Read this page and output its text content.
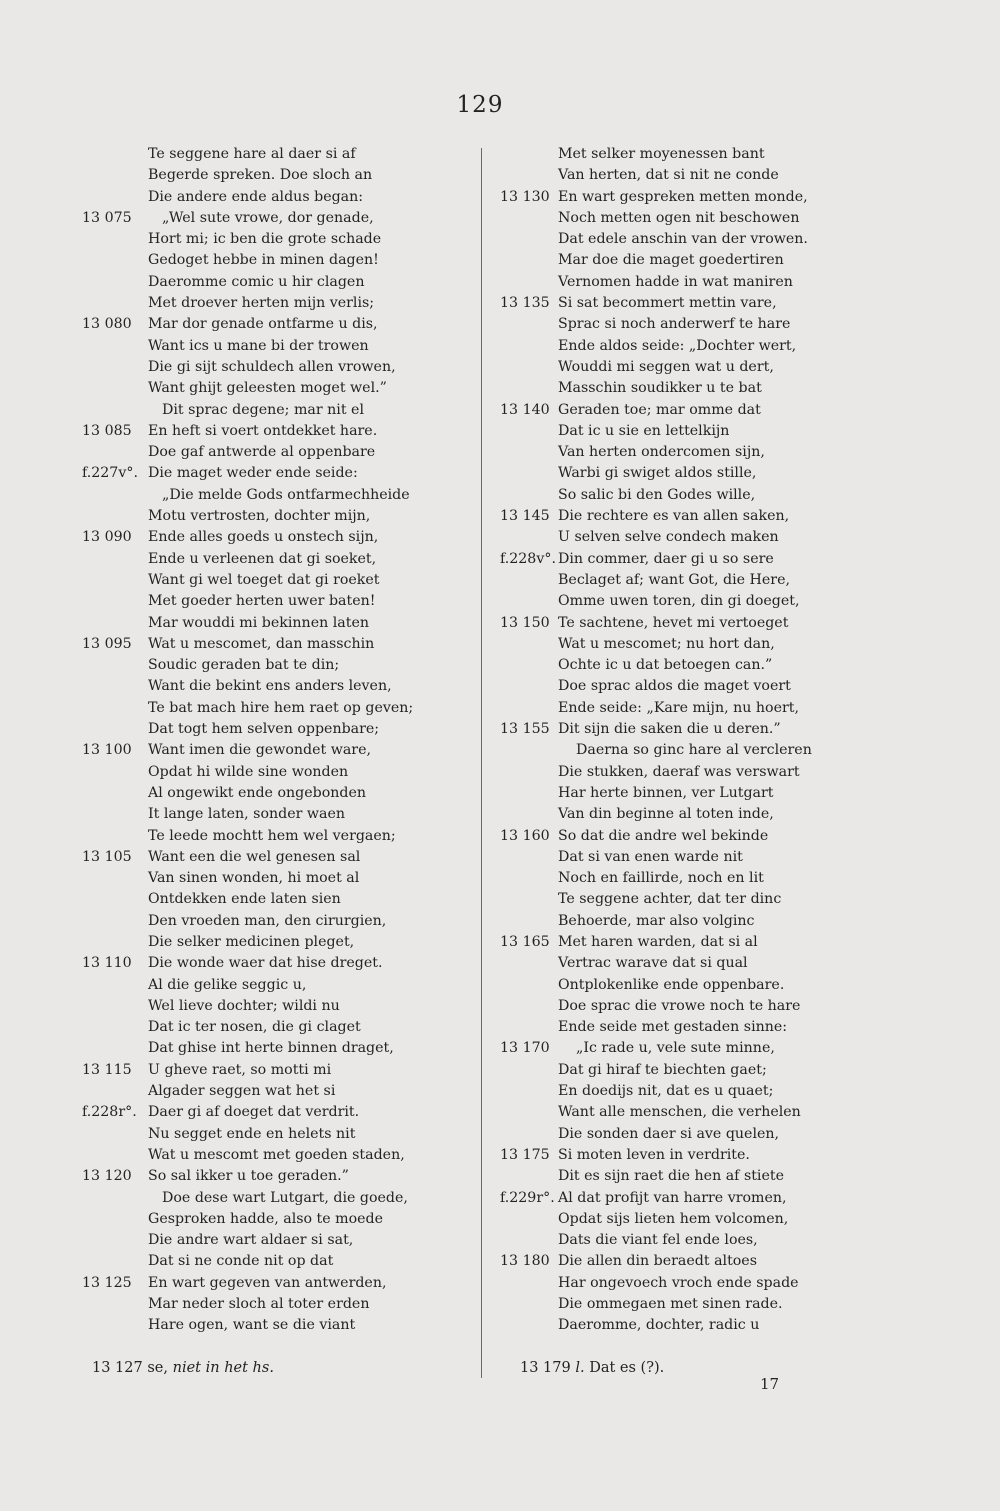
129
Te seggene hare al daer si af
Begerde spreken. Doe sloch an
Die andere ende aldus began:
13 075 „Wel sute vrowe, dor genade,
Hort mi; ic ben die grote schade
Gedoget hebbe in minen dagen!
Daeromme comic u hir clagen
Met droever herten mijn verlis;
13 080 Mar dor genade ontfarme u dis,
Want ics u mane bi der trowen
Die gi sijt schuldech allen vrowen,
Want ghijt geleesten moget wel.”
Dit sprac degene; mar nit el
13 085 En heft si voert ontdekket hare.
Doe gaf antwerde al oppenbare
f.227v°. Die maget weder ende seide:
„Die melde Gods ontfarmechheide
Motu vertrosten, dochter mijn,
13 090 Ende alles goeds u onstech sijn,
Ende u verleenen dat gi soeket,
Want gi wel toeget dat gi roeket
Met goeder herten uwer baten!
Mar wouddi mi bekinnen laten
13 095 Wat u mescomet, dan masschin
Soudic geraden bat te din;
Want die bekint ens anders leven,
Te bat mach hire hem raet op geven;
Dat togt hem selven oppenbare;
13 100 Want imen die gewondet ware,
Opdat hi wilde sine wonden
Al ongewikt ende ongebonden
It lange laten, sonder waen
Te leede mochtt hem wel vergaen;
13 105 Want een die wel genesen sal
Van sinen wonden, hi moet al
Ontdekken ende laten sien
Den vroeden man, den cirurgien,
Die selker medicinen pleget,
13 110 Die wonde waer dat hise dreget.
Al die gelike seggic u,
Wel lieve dochter; wildi nu
Dat ic ter nosen, die gi claget
Dat ghise int herte binnen draget,
13 115 U gheve raet, so motti mi
Algader seggen wat het si
f.228r°. Daer gi af doeget dat verdrit.
Nu segget ende en helets nit
Wat u mescomt met goeden staden,
13 120 So sal ikker u toe geraden.”
Doe dese wart Lutgart, die goede,
Gesproken hadde, also te moede
Die andre wart aldaer si sat,
Dat si ne conde nit op dat
13 125 En wart gegeven van antwerden,
Mar neder sloch al toter erden
Hare ogen, want se die viant
Met selker moyenessen bant
Van herten, dat si nit ne conde
13 130 En wart gespreken metten monde,
Noch metten ogen nit beschowen
Dat edele anschin van der vrowen.
Mar doe die maget goedertiren
Vernomen hadde in wat maniren
13 135 Si sat becommert mettin vare,
Sprac si noch anderwerf te hare
Ende aldos seide: „Dochter wert,
Wouddi mi seggen wat u dert,
Masschin soudikker u te bat
13 140 Geraden toe; mar omme dat
Dat ic u sie en lettelkijn
Van herten ondercomen sijn,
Warbi gi swiget aldos stille,
So salic bi den Godes wille,
13 145 Die rechtere es van allen saken,
U selven selve condech maken
f.228v°. Din commer, daer gi u so sere
Beclaget af; want Got, die Here,
Omme uwen toren, din gi doeget,
13 150 Te sachtene, hevet mi vertoeget
Wat u mescomet; nu hort dan,
Ochte ic u dat betoegen can.”
Doe sprac aldos die maget voert
Ende seide: „Kare mijn, nu hoert,
13 155 Dit sijn die saken die u deren.”
Daerna so ginc hare al vercleren
Die stukken, daeraf was verswart
Har herte binnen, ver Lutgart
Van din beginne al toten inde,
13 160 So dat die andre wel bekinde
Dat si van enen warde nit
Noch en faillirde, noch en lit
Te seggene achter, dat ter dinc
Behoerde, mar also volginc
13 165 Met haren warden, dat si al
Vertrac warave dat si qual
Ontplokenlike ende oppenbare.
Doe sprac die vrowe noch te hare
Ende seide met gestaden sinne:
13 170 „Ic rade u, vele sute minne,
Dat gi hiraf te biechten gaet;
En doedijs nit, dat es u quaet;
Want alle menschen, die verhelen
Die sonden daer si ave quelen,
13 175 Si moten leven in verdrite.
Dit es sijn raet die hen af stiete
f.229r°. Al dat profijt van harre vromen,
Opdat sijs lieten hem volcomen,
Dats die viant fel ende loes,
13 180 Die allen din beraedt altoes
Har ongevoech vroch ende spade
Die ommegaen met sinen rade.
Daeromme, dochter, radic u
13 127 se, niet in het hs.	13 179 l. Dat es (?).
17
